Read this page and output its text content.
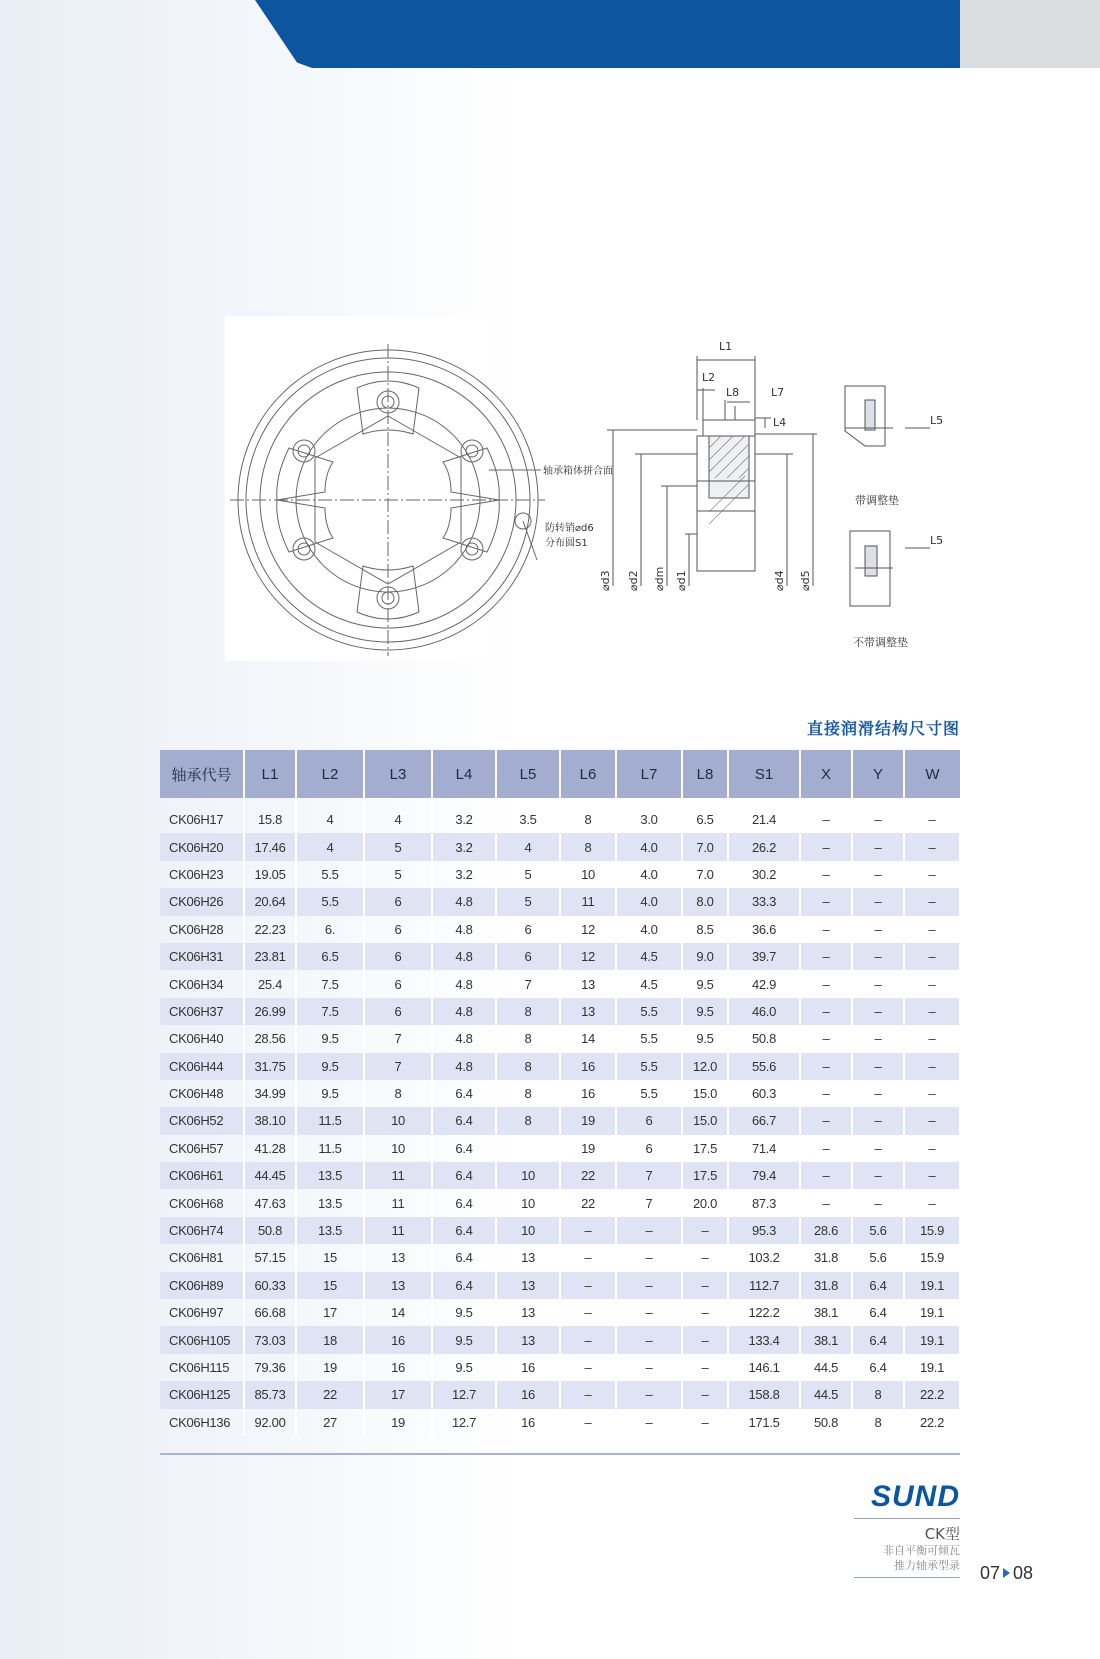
轴承箱体拼合面
防转销⌀d6
分布圆S1
L1
L2
L8	L7
L4
⌀d3 ⌀d2 ⌀dm ⌀d1	⌀d4 ⌀d5
L5
L5
带调整垫
不带调整垫
直接润滑结构尺寸图
轴承代号	L1	L2	L3	L4	L5	L6	L7	L8	S1	X	Y	W
CK06H17	15.8	4	4	3.2	3.5	8	3.0	6.5	21.4	–	–	–
CK06H20	17.46	4	5	3.2	4	8	4.0	7.0	26.2	–	–	–
CK06H23	19.05	5.5	5	3.2	5	10	4.0	7.0	30.2	–	–	–
CK06H26	20.64	5.5	6	4.8	5	11	4.0	8.0	33.3	–	–	–
CK06H28	22.23	6.	6	4.8	6	12	4.0	8.5	36.6	–	–	–
CK06H31	23.81	6.5	6	4.8	6	12	4.5	9.0	39.7	–	–	–
CK06H34	25.4	7.5	6	4.8	7	13	4.5	9.5	42.9	–	–	–
CK06H37	26.99	7.5	6	4.8	8	13	5.5	9.5	46.0	–	–	–
CK06H40	28.56	9.5	7	4.8	8	14	5.5	9.5	50.8	–	–	–
CK06H44	31.75	9.5	7	4.8	8	16	5.5	12.0	55.6	–	–	–
CK06H48	34.99	9.5	8	6.4	8	16	5.5	15.0	60.3	–	–	–
CK06H52	38.10	11.5	10	6.4	8	19	6	15.0	66.7	–	–	–
CK06H57	41.28	11.5	10	6.4		19	6	17.5	71.4	–	–	–
CK06H61	44.45	13.5	11	6.4	10	22	7	17.5	79.4	–	–	–
CK06H68	47.63	13.5	11	6.4	10	22	7	20.0	87.3	–	–	–
CK06H74	50.8	13.5	11	6.4	10	–	–	–	95.3	28.6	5.6	15.9
CK06H81	57.15	15	13	6.4	13	–	–	–	103.2	31.8	5.6	15.9
CK06H89	60.33	15	13	6.4	13	–	–	–	112.7	31.8	6.4	19.1
CK06H97	66.68	17	14	9.5	13	–	–	–	122.2	38.1	6.4	19.1
CK06H105	73.03	18	16	9.5	13	–	–	–	133.4	38.1	6.4	19.1
CK06H115	79.36	19	16	9.5	16	–	–	–	146.1	44.5	6.4	19.1
CK06H125	85.73	22	17	12.7	16	–	–	–	158.8	44.5	8	22.2
CK06H136	92.00	27	19	12.7	16	–	–	–	171.5	50.8	8	22.2
SUND
CK型
非自平衡可倾瓦
推力轴承型录 07 08
